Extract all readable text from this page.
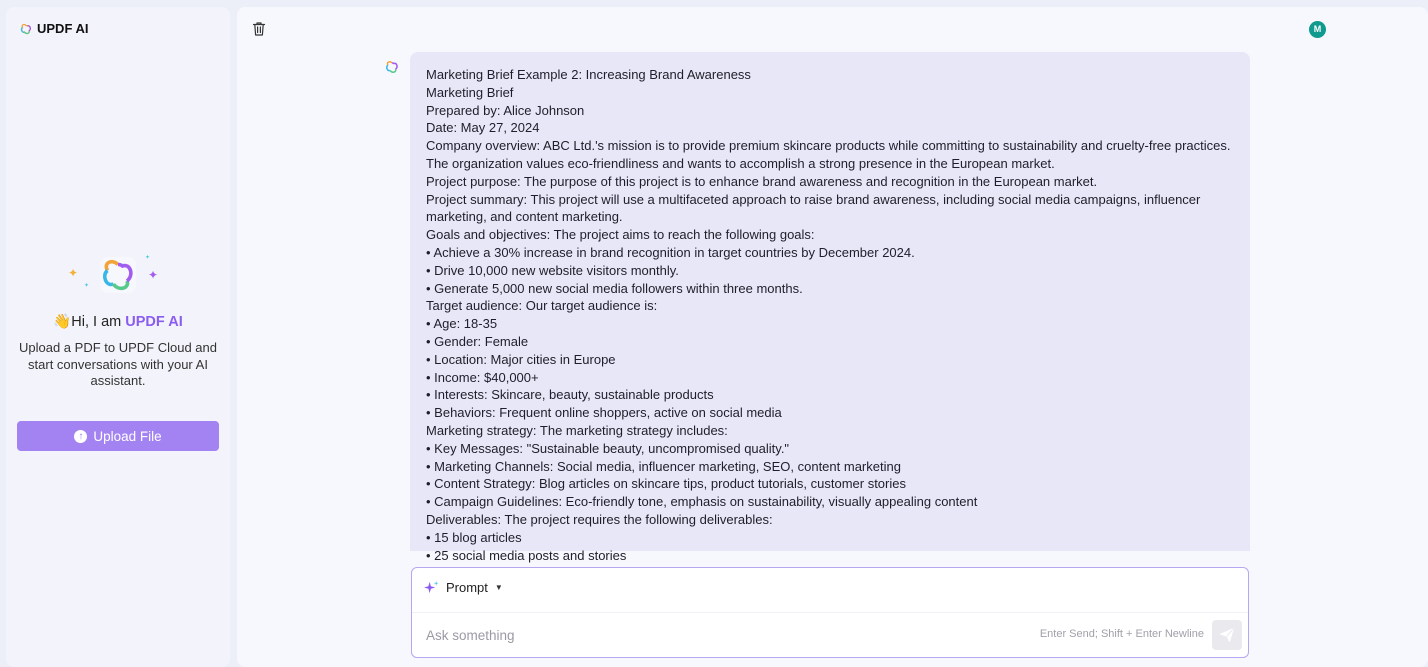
UPDF AI
✦
✦
✦
✦
👋Hi, I am UPDF AI

Upload a PDF to UPDF Cloud and start conversations with your AI assistant.

↑ Upload File
M
Marketing Brief Example 2: Increasing Brand Awareness
Marketing Brief
Prepared by: Alice Johnson
Date: May 27, 2024
Company overview: ABC Ltd.'s mission is to provide premium skincare products while committing to sustainability and cruelty-free practices. The organization values eco-friendliness and wants to accomplish a strong presence in the European market.
Project purpose: The purpose of this project is to enhance brand awareness and recognition in the European market.
Project summary: This project will use a multifaceted approach to raise brand awareness, including social media campaigns, influencer marketing, and content marketing.
Goals and objectives: The project aims to reach the following goals:
• Achieve a 30% increase in brand recognition in target countries by December 2024.
• Drive 10,000 new website visitors monthly.
• Generate 5,000 new social media followers within three months.
Target audience: Our target audience is:
• Age: 18-35
• Gender: Female
• Location: Major cities in Europe
• Income: $40,000+
• Interests: Skincare, beauty, sustainable products
• Behaviors: Frequent online shoppers, active on social media
Marketing strategy: The marketing strategy includes:
• Key Messages: "Sustainable beauty, uncompromised quality."
• Marketing Channels: Social media, influencer marketing, SEO, content marketing
• Content Strategy: Blog articles on skincare tips, product tutorials, customer stories
• Campaign Guidelines: Eco-friendly tone, emphasis on sustainability, visually appealing content
Deliverables: The project requires the following deliverables:
• 15 blog articles
• 25 social media posts and stories
Prompt ▼
Ask something
Enter Send; Shift + Enter Newline
